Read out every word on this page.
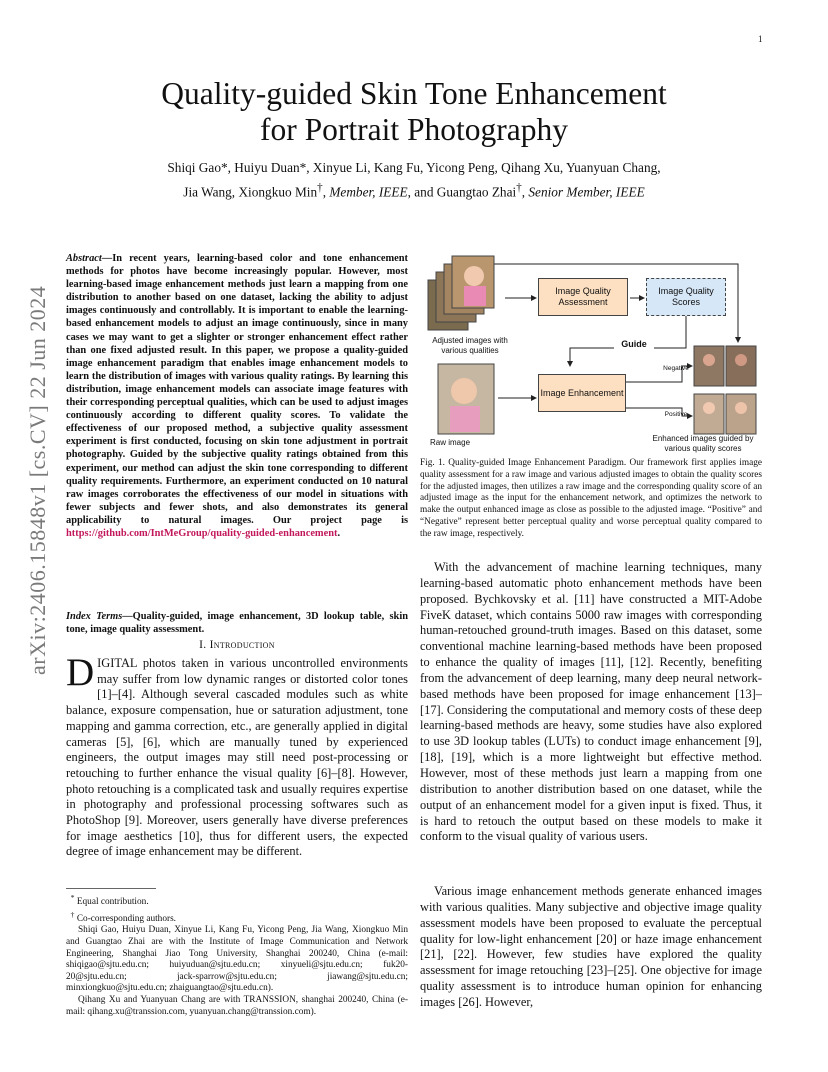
1
arXiv:2406.15848v1 [cs.CV] 22 Jun 2024
Quality-guided Skin Tone Enhancement
for Portrait Photography
Shiqi Gao*, Huiyu Duan*, Xinyue Li, Kang Fu, Yicong Peng, Qihang Xu, Yuanyuan Chang,
Jia Wang, Xiongkuo Min†, Member, IEEE, and Guangtao Zhai†, Senior Member, IEEE
Abstract—In recent years, learning-based color and tone enhancement methods for photos have become increasingly popular. However, most learning-based image enhancement methods just learn a mapping from one distribution to another based on one dataset, lacking the ability to adjust images continuously and controllably. It is important to enable the learning-based enhancement models to adjust an image continuously, since in many cases we may want to get a slighter or stronger enhancement effect rather than one fixed adjusted result. In this paper, we propose a quality-guided image enhancement paradigm that enables image enhancement models to learn the distribution of images with various quality ratings. By learning this distribution, image enhancement models can associate image features with their corresponding perceptual qualities, which can be used to adjust images continuously according to different quality scores. To validate the effectiveness of our proposed method, a subjective quality assessment experiment is first conducted, focusing on skin tone adjustment in portrait photography. Guided by the subjective quality ratings obtained from this experiment, our method can adjust the skin tone corresponding to different quality requirements. Furthermore, an experiment conducted on 10 natural raw images corroborates the effectiveness of our model in situations with fewer subjects and fewer shots, and also demonstrates its general applicability to natural images. Our project page is https://github.com/IntMeGroup/quality-guided-enhancement.
Index Terms—Quality-guided, image enhancement, 3D lookup table, skin tone, image quality assessment.
I. Introduction
DIGITAL photos taken in various uncontrolled environments may suffer from low dynamic ranges or distorted color tones [1]–[4]. Although several cascaded modules such as white balance, exposure compensation, hue or saturation adjustment, tone mapping and gamma correction, etc., are generally applied in digital cameras [5], [6], which are manually tuned by experienced engineers, the output images may still need post-processing or retouching to further enhance the visual quality [6]–[8]. However, photo retouching is a complicated task and usually requires expertise in photography and professional processing softwares such as PhotoShop [9]. Moreover, users generally have diverse preferences for image aesthetics [10], thus for different users, the expected degree of image enhancement may be different.
* Equal contribution.
† Co-corresponding authors.
Shiqi Gao, Huiyu Duan, Xinyue Li, Kang Fu, Yicong Peng, Jia Wang, Xiongkuo Min and Guangtao Zhai are with the Institute of Image Communication and Network Engineering, Shanghai Jiao Tong University, Shanghai 200240, China (e-mail: shiqigao@sjtu.edu.cn; huiyuduan@sjtu.edu.cn; xinyueli@sjtu.edu.cn; fuk20-20@sjtu.edu.cn; jack-sparrow@sjtu.edu.cn; jiawang@sjtu.edu.cn; minxiongkuo@sjtu.edu.cn; zhaiguangtao@sjtu.edu.cn).
Qihang Xu and Yuanyuan Chang are with TRANSSION, shanghai 200240, China (e-mail: qihang.xu@transsion.com, yuanyuan.chang@transsion.com).
Image Quality Assessment
Image Quality Scores
Image Enhancement
Guide
Adjusted images with various qualities
Raw image
Negative
Positive
Enhanced images guided by various quality scores
Fig. 1. Quality-guided Image Enhancement Paradigm. Our framework first applies image quality assessment for a raw image and various adjusted images to obtain the quality scores for the adjusted images, then utilizes a raw image and the corresponding quality score of an adjusted image as the input for the enhancement network, and optimizes the network to make the output enhanced image as close as possible to the adjusted image. “Positive” and “Negative” represent better perceptual quality and worse perceptual quality compared to the raw image, respectively.
With the advancement of machine learning techniques, many learning-based automatic photo enhancement methods have been proposed. Bychkovsky et al. [11] have constructed a MIT-Adobe FiveK dataset, which contains 5000 raw images with corresponding human-retouched ground-truth images. Based on this dataset, some conventional machine learning-based methods have been proposed to enhance the quality of images [11], [12]. Recently, benefiting from the advancement of deep learning, many deep neural network-based methods have been proposed for image enhancement [13]–[17]. Considering the computational and memory costs of these deep learning-based methods are heavy, some studies have also explored to use 3D lookup tables (LUTs) to conduct image enhancement [9], [18], [19], which is a more lightweight but effective method. However, most of these methods just learn a mapping from one distribution to another distribution based on one dataset, while the output of an enhancement model for a given input is fixed. Thus, it is hard to retouch the output based on these models to make it conform to the visual quality of various users.
Various image enhancement methods generate enhanced images with various qualities. Many subjective and objective image quality assessment models have been proposed to evaluate the perceptual quality for low-light enhancement [20] or haze image enhancement [21], [22]. However, few studies have explored the quality assessment for image retouching [23]–[25]. One objective for image quality assessment is to introduce human opinion for enhancing images [26]. However,
